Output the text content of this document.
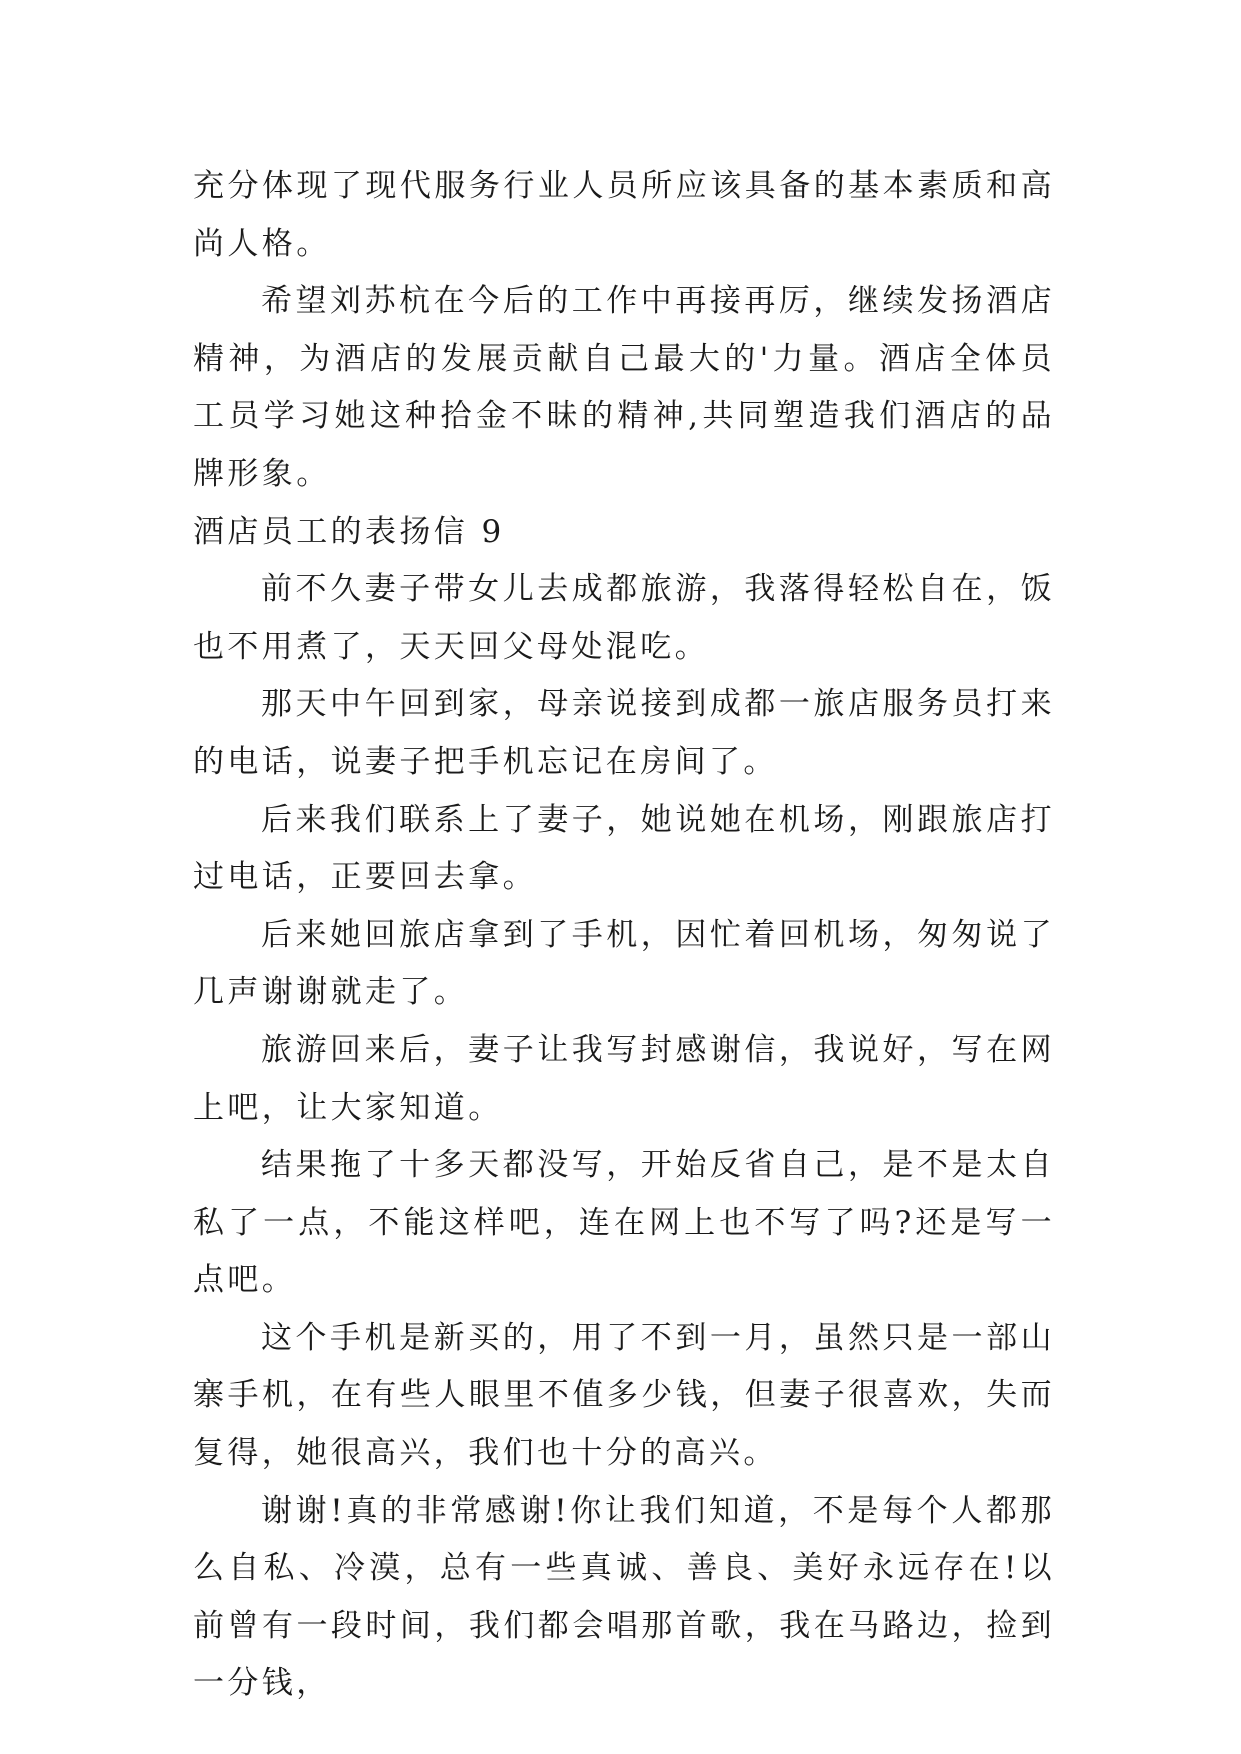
充分体现了现代服务行业人员所应该具备的基本素质和高尚人格。

希望刘苏杭在今后的工作中再接再厉，继续发扬酒店精神，为酒店的发展贡献自己最大的'力量。酒店全体员工员学习她这种拾金不昧的精神,共同塑造我们酒店的品牌形象。

酒店员工的表扬信 9

前不久妻子带女儿去成都旅游，我落得轻松自在，饭也不用煮了，天天回父母处混吃。

那天中午回到家，母亲说接到成都一旅店服务员打来的电话，说妻子把手机忘记在房间了。

后来我们联系上了妻子，她说她在机场，刚跟旅店打过电话，正要回去拿。

后来她回旅店拿到了手机，因忙着回机场，匆匆说了几声谢谢就走了。

旅游回来后，妻子让我写封感谢信，我说好，写在网上吧，让大家知道。

结果拖了十多天都没写，开始反省自己，是不是太自私了一点，不能这样吧，连在网上也不写了吗?还是写一点吧。

这个手机是新买的，用了不到一月，虽然只是一部山寨手机，在有些人眼里不值多少钱，但妻子很喜欢，失而复得，她很高兴，我们也十分的高兴。

谢谢!真的非常感谢!你让我们知道，不是每个人都那么自私、冷漠，总有一些真诚、善良、美好永远存在!以前曾有一段时间，我们都会唱那首歌，我在马路边，捡到一分钱，
